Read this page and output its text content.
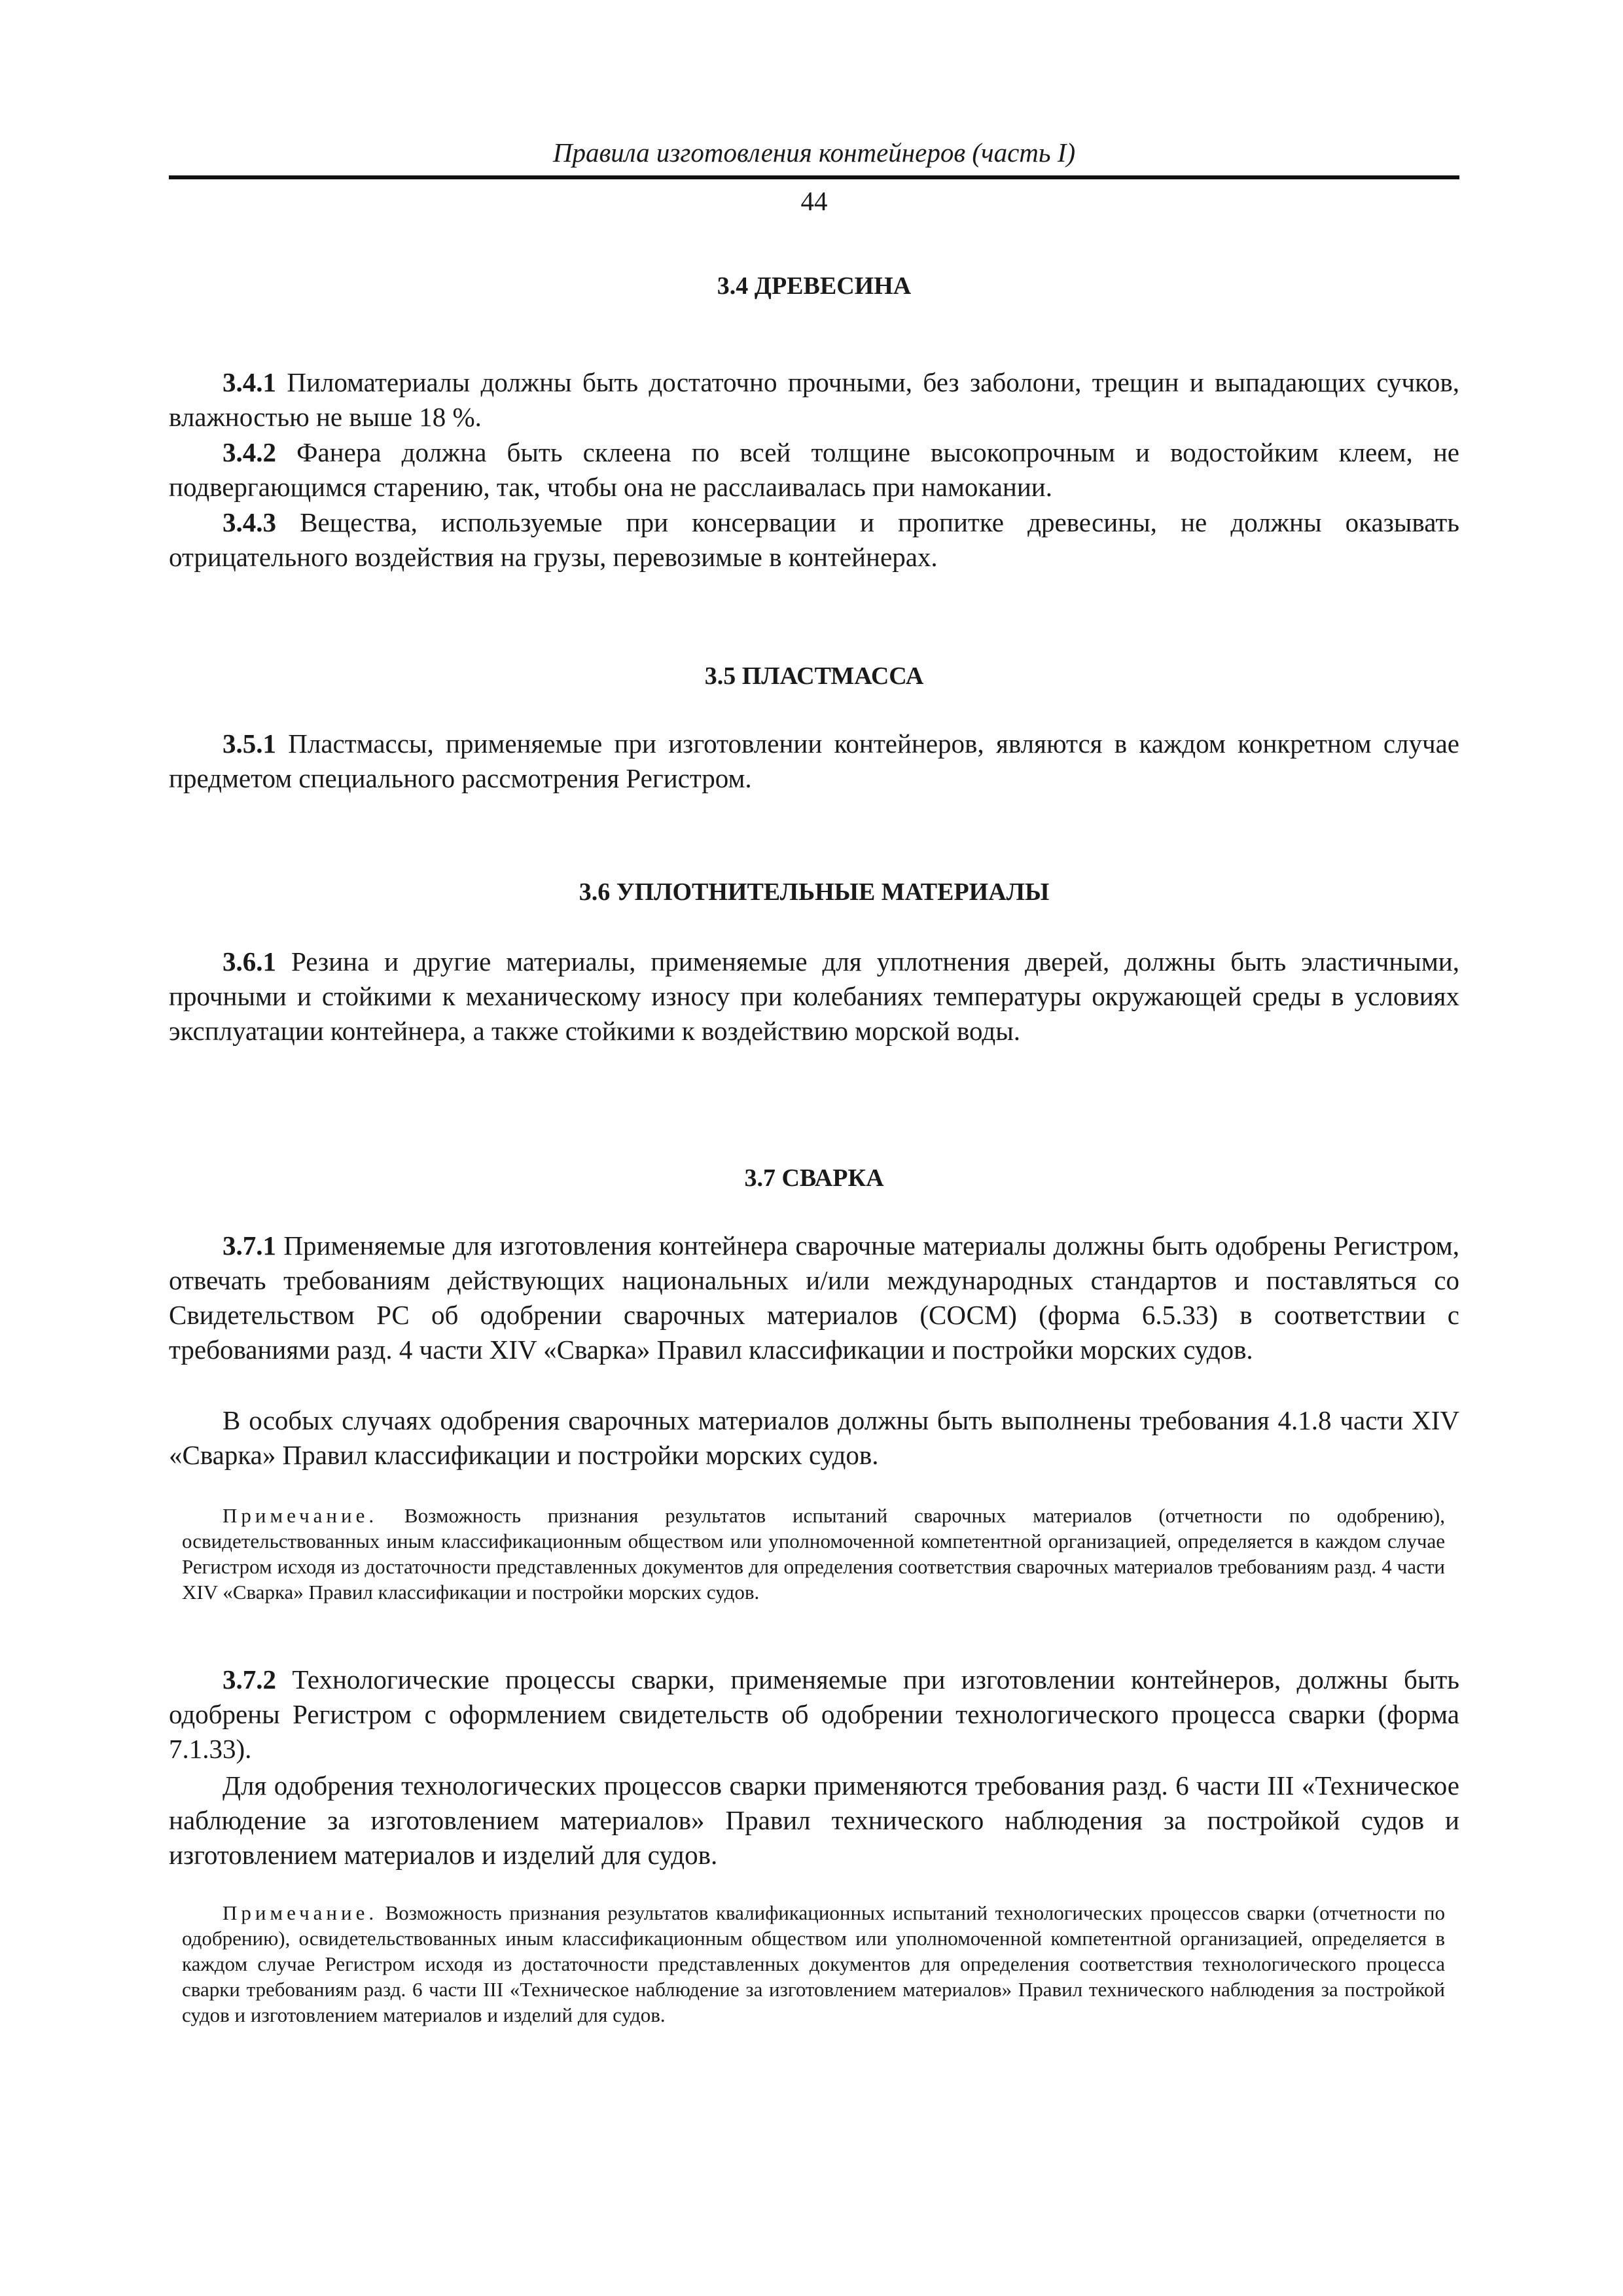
Правила изготовления контейнеров (часть I)
44
3.4 ДРЕВЕСИНА
3.4.1 Пиломатериалы должны быть достаточно прочными, без заболони, трещин и выпадающих сучков, влажностью не выше 18 %.
3.4.2 Фанера должна быть склеена по всей толщине высокопрочным и водостойким клеем, не подвергающимся старению, так, чтобы она не расслаивалась при намокании.
3.4.3 Вещества, используемые при консервации и пропитке древесины, не должны оказывать отрицательного воздействия на грузы, перевозимые в контейнерах.
3.5 ПЛАСТМАССА
3.5.1 Пластмассы, применяемые при изготовлении контейнеров, являются в каждом конкретном случае предметом специального рассмотрения Регистром.
3.6 УПЛОТНИТЕЛЬНЫЕ МАТЕРИАЛЫ
3.6.1 Резина и другие материалы, применяемые для уплотнения дверей, должны быть эластичными, прочными и стойкими к механическому износу при колебаниях температуры окружающей среды в условиях эксплуатации контейнера, а также стойкими к воздействию морской воды.
3.7 СВАРКА
3.7.1 Применяемые для изготовления контейнера сварочные материалы должны быть одобрены Регистром, отвечать требованиям действующих национальных и/или международных стандартов и поставляться со Свидетельством РС об одобрении сварочных материалов (СОСМ) (форма 6.5.33) в соответствии с требованиями разд. 4 части XIV «Сварка» Правил классификации и постройки морских судов.
В особых случаях одобрения сварочных материалов должны быть выполнены требования 4.1.8 части XIV «Сварка» Правил классификации и постройки морских судов.
Примечание. Возможность признания результатов испытаний сварочных материалов (отчетности по одобрению), освидетельствованных иным классификационным обществом или уполномоченной компетентной организацией, определяется в каждом случае Регистром исходя из достаточности представленных документов для определения соответствия сварочных материалов требованиям разд. 4 части XIV «Сварка» Правил классификации и постройки морских судов.
3.7.2 Технологические процессы сварки, применяемые при изготовлении контейнеров, должны быть одобрены Регистром с оформлением свидетельств об одобрении технологического процесса сварки (форма 7.1.33).
Для одобрения технологических процессов сварки применяются требования разд. 6 части III «Техническое наблюдение за изготовлением материалов» Правил технического наблюдения за постройкой судов и изготовлением материалов и изделий для судов.
Примечание. Возможность признания результатов квалификационных испытаний технологических процессов сварки (отчетности по одобрению), освидетельствованных иным классификационным обществом или уполномоченной компетентной организацией, определяется в каждом случае Регистром исходя из достаточности представленных документов для определения соответствия технологического процесса сварки требованиям разд. 6 части III «Техническое наблюдение за изготовлением материалов» Правил технического наблюдения за постройкой судов и изготовлением материалов и изделий для судов.
